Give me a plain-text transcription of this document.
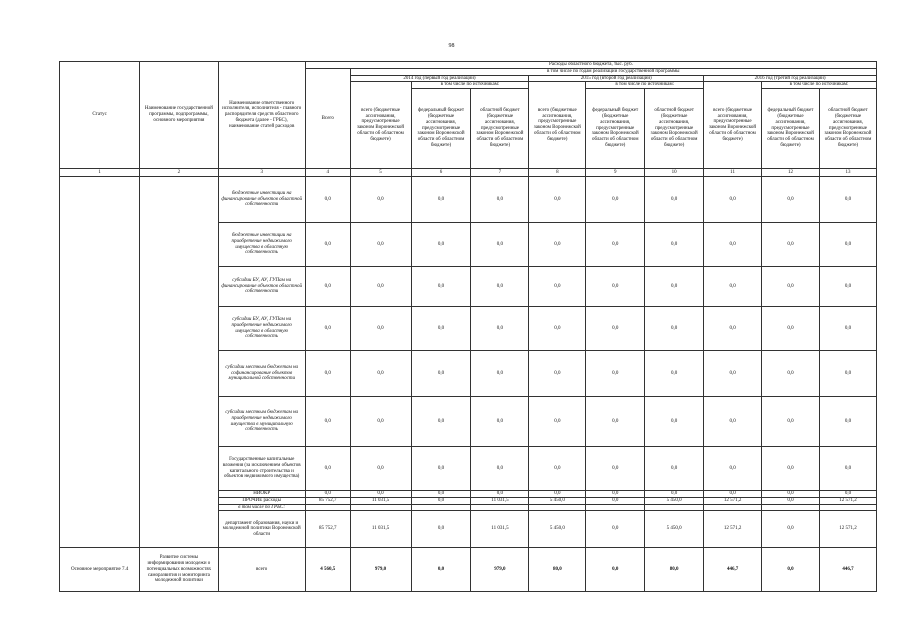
98
Статус	Наименование государственной программы, подпрограммы, основного мероприятия	Наименование ответственного исполнителя, исполнителя - главного распорядителя средств областного бюджета (далее - ГРБС), наименование статей расходов	Расходы областного бюджета, тыс. руб.									
			Всего	в том числе по годам реализации государственной программы								
				2014 год (первый год реализации)			2015 год (второй год реализации)			2016 год (третий год реализации)		
				всего (бюджетные ассигнования, предусмотренные законом Воронежской области об областном бюджете)	в том числе по источникам:		всего (бюджетные ассигнования, предусмотренные законом Воронежской области об областном бюджете)	в том числе по источникам:		всего (бюджетные ассигнования, предусмотренные законом Воронежской области об областном бюджете)	в том числе по источникам:	
					федеральный бюджет (бюджетные ассигнования, предусмотренные законом Воронежской области об областном бюджете)	областной бюджет (бюджетные ассигнования, предусмотренные законом Воронежской области об областном бюджете)		федеральный бюджет (бюджетные ассигнования, предусмотренные законом Воронежской области об областном бюджете)	областной бюджет (бюджетные ассигнования, предусмотренные законом Воронежской области об областном бюджете)		федеральный бюджет (бюджетные ассигнования, предусмотренные законом Воронежской области об областном бюджете)	областной бюджет (бюджетные ассигнования, предусмотренные законом Воронежской области об областном бюджете)
1	2	3	4	5	6	7	8	9	10	11	12	13
		бюджетные инвестиции на финансирование объектов областной собственности	0,0	0,0	0,0	0,0	0,0	0,0	0,0	0,0	0,0	0,0
		бюджетные инвестиции на приобретение недвижимого имущества в областную собственность	0,0	0,0	0,0	0,0	0,0	0,0	0,0	0,0	0,0	0,0
		субсидии БУ, АУ, ГУПам на финансирование объектов областной собственности	0,0	0,0	0,0	0,0	0,0	0,0	0,0	0,0	0,0	0,0
		субсидии БУ, АУ, ГУПам на приобретение недвижимого имущества в областную собственность	0,0	0,0	0,0	0,0	0,0	0,0	0,0	0,0	0,0	0,0
		субсидии местным бюджетам на софинансирование объектов муниципальной собственности	0,0	0,0	0,0	0,0	0,0	0,0	0,0	0,0	0,0	0,0
		субсидии местным бюджетам на приобретение недвижимого имущества в муниципальную собственность	0,0	0,0	0,0	0,0	0,0	0,0	0,0	0,0	0,0	0,0
		Государственные капитальные вложения (за исключением объектов капитального строительства и объектов недвижимого имущества)	0,0	0,0	0,0	0,0	0,0	0,0	0,0	0,0	0,0	0,0
		НИОКР	0,0	0,0	0,0	0,0	0,0	0,0	0,0	0,0	0,0	0,0
		ПРОЧИЕ расходы	85 752,7	11 031,5	0,0	11 031,5	5 450,0	0,0	5 450,0	12 571,2	0,0	12 571,2
		в том числе по ГРБС:										
		департамент образования, науки и молодежной политики Воронежской области	85 752,7	11 031,5	0,0	11 031,5	5 450,0	0,0	5 450,0	12 571,2	0,0	12 571,2
Основное мероприятие 7.4	Развитие системы информирования молодежи о потенциальных возможностях саморазвития и мониторинга молодежной политики	всего	4 560,5	979,0	0,0	979,0	80,0	0,0	80,0	446,7	0,0	446,7
